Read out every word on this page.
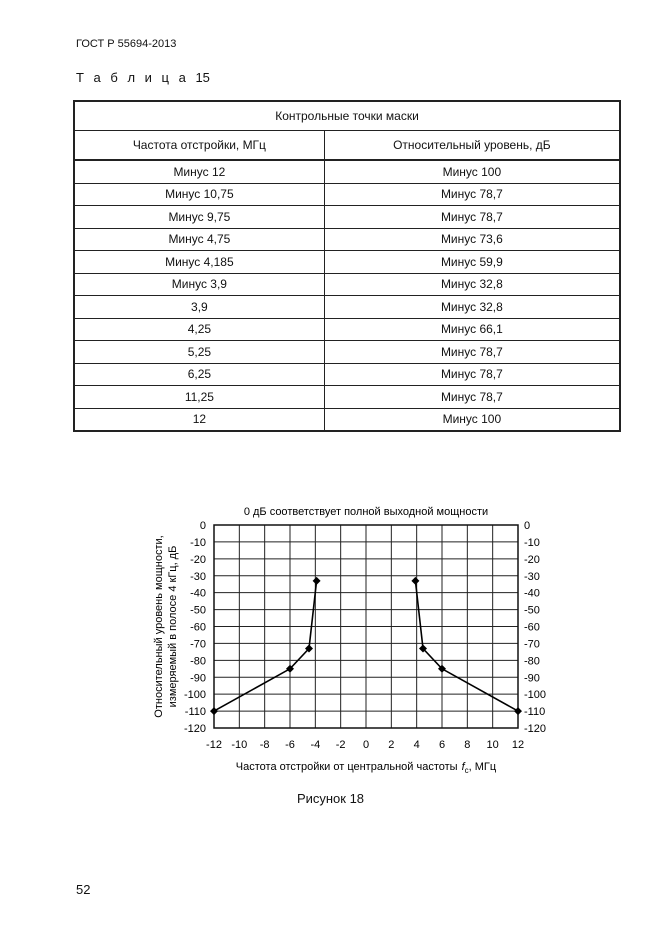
ГОСТ Р 55694-2013
Т а б л и ц а 15
Контрольные точки маски	
Частота отстройки, МГц	Относительный уровень, дБ
Минус 12	Минус 100
Минус 10,75	Минус 78,7
Минус 9,75	Минус 78,7
Минус 4,75	Минус 73,6
Минус 4,185	Минус 59,9
Минус 3,9	Минус 32,8
3,9	Минус 32,8
4,25	Минус 66,1
5,25	Минус 78,7
6,25	Минус 78,7
11,25	Минус 78,7
12	Минус 100
0	0
-10	-10
-20	-20
-30	-30
-40	-40
-50	-50
-60	-60
-70	-70
-80	-80
-90	-90
-100	-100
-110	-110
-120	-120
-12 -10 -8 -6 -4 -2 0 2 4 6 8 10 12
0 дБ соответствует полной выходной мощности
Частота отстройки от центральной частоты $f_c$, МГц
Относительный уровень мощности, измеряемый в полосе 4 кГц, дБ
Рисунок 18
52
